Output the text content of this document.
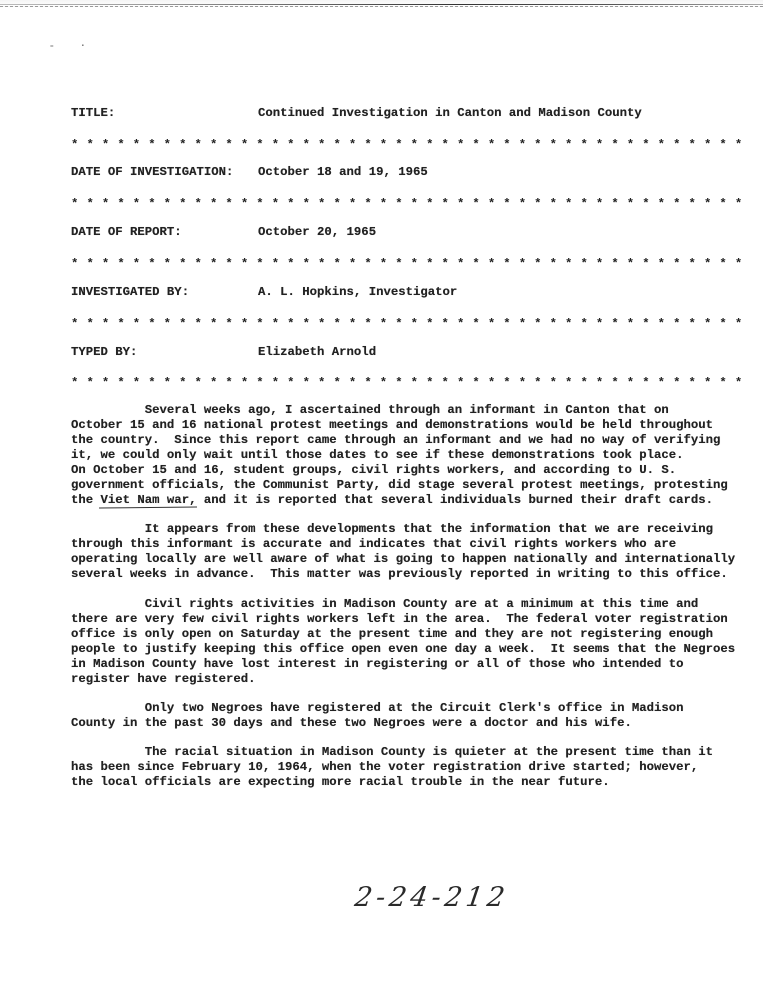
=	▪
TITLE:	Continued Investigation in Canton and Madison County
DATE OF INVESTIGATION: October 18 and 19, 1965
DATE OF REPORT:	October 20, 1965
INVESTIGATED BY:	A. L. Hopkins, Investigator
TYPED BY:	Elizabeth Arnold
* * * * * * * * * * * * * * * * * * * * * * * * * * * * * * * * * * * * * * * * * * * *
* * * * * * * * * * * * * * * * * * * * * * * * * * * * * * * * * * * * * * * * * * * *
* * * * * * * * * * * * * * * * * * * * * * * * * * * * * * * * * * * * * * * * * * * *
* * * * * * * * * * * * * * * * * * * * * * * * * * * * * * * * * * * * * * * * * * * *
* * * * * * * * * * * * * * * * * * * * * * * * * * * * * * * * * * * * * * * * * * * *
Several weeks ago, I ascertained through an informant in Canton that on
October 15 and 16 national protest meetings and demonstrations would be held throughout
the country.  Since this report came through an informant and we had no way of verifying
it, we could only wait until those dates to see if these demonstrations took place.
On October 15 and 16, student groups, civil rights workers, and according to U. S.
government officials, the Communist Party, did stage several protest meetings, protesting
the Viet Nam war, and it is reported that several individuals burned their draft cards.
It appears from these developments that the information that we are receiving
through this informant is accurate and indicates that civil rights workers who are
operating locally are well aware of what is going to happen nationally and internationally
several weeks in advance.  This matter was previously reported in writing to this office.
Civil rights activities in Madison County are at a minimum at this time and
there are very few civil rights workers left in the area.  The federal voter registration
office is only open on Saturday at the present time and they are not registering enough
people to justify keeping this office open even one day a week.  It seems that the Negroes
in Madison County have lost interest in registering or all of those who intended to
register have registered.
Only two Negroes have registered at the Circuit Clerk's office in Madison
County in the past 30 days and these two Negroes were a doctor and his wife.
The racial situation in Madison County is quieter at the present time than it
has been since February 10, 1964, when the voter registration drive started; however,
the local officials are expecting more racial trouble in the near future.
2-24-212
